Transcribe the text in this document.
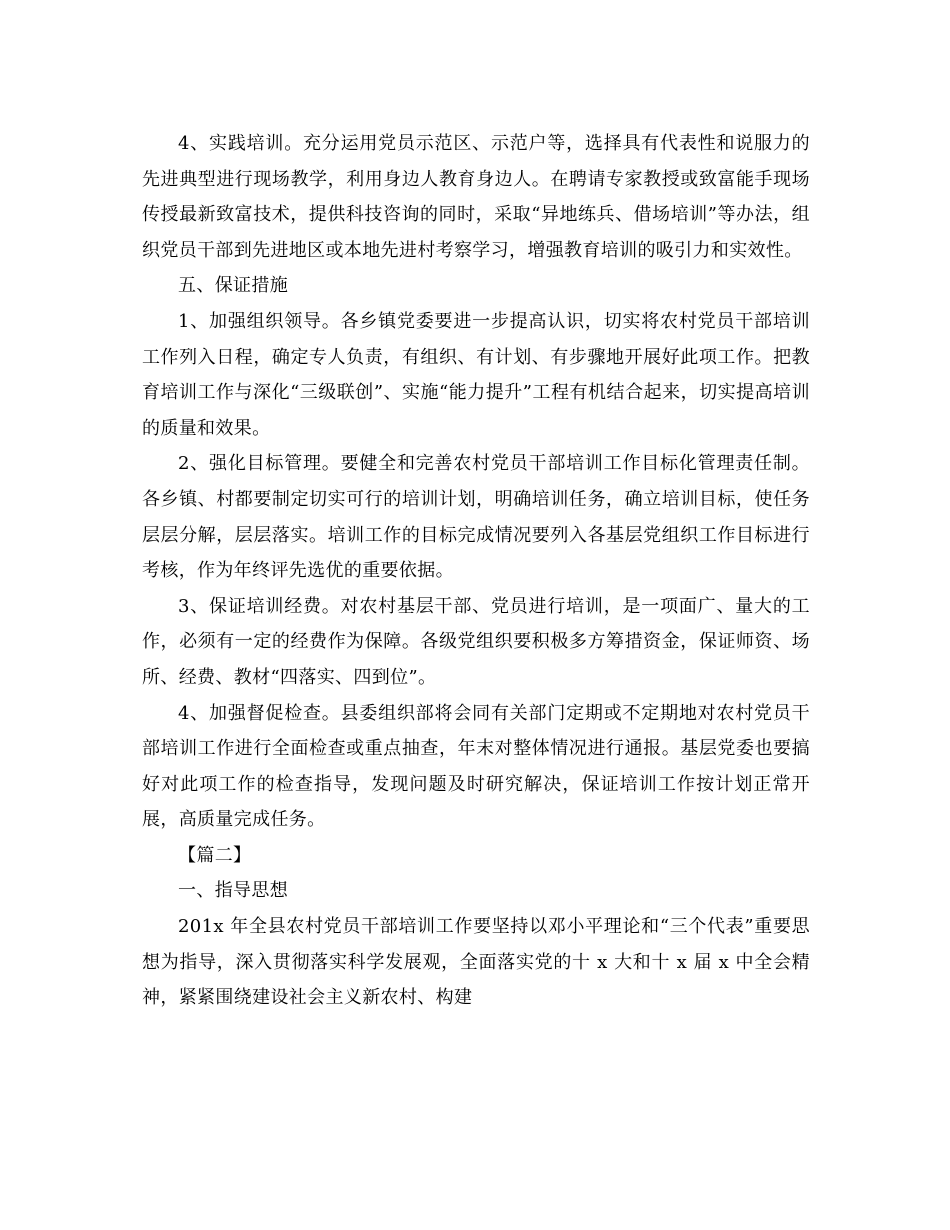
4、实践培训。充分运用党员示范区、示范户等，选择具有代表性和说服力的先进典型进行现场教学，利用身边人教育身边人。在聘请专家教授或致富能手现场传授最新致富技术，提供科技咨询的同时，采取“异地练兵、借场培训”等办法，组织党员干部到先进地区或本地先进村考察学习，增强教育培训的吸引力和实效性。

五、保证措施

1、加强组织领导。各乡镇党委要进一步提高认识，切实将农村党员干部培训工作列入日程，确定专人负责，有组织、有计划、有步骤地开展好此项工作。把教育培训工作与深化“三级联创”、实施“能力提升”工程有机结合起来，切实提高培训的质量和效果。

2、强化目标管理。要健全和完善农村党员干部培训工作目标化管理责任制。各乡镇、村都要制定切实可行的培训计划，明确培训任务，确立培训目标，使任务层层分解，层层落实。培训工作的目标完成情况要列入各基层党组织工作目标进行考核，作为年终评先选优的重要依据。

3、保证培训经费。对农村基层干部、党员进行培训，是一项面广、量大的工作，必须有一定的经费作为保障。各级党组织要积极多方筹措资金，保证师资、场所、经费、教材“四落实、四到位”。

4、加强督促检查。县委组织部将会同有关部门定期或不定期地对农村党员干部培训工作进行全面检查或重点抽查，年末对整体情况进行通报。基层党委也要搞好对此项工作的检查指导，发现问题及时研究解决，保证培训工作按计划正常开展，高质量完成任务。

【篇二】

一、指导思想

201x 年全县农村党员干部培训工作要坚持以邓小平理论和“三个代表”重要思想为指导，深入贯彻落实科学发展观，全面落实党的十 x 大和十 x 届 x 中全会精神，紧紧围绕建设社会主义新农村、构建
